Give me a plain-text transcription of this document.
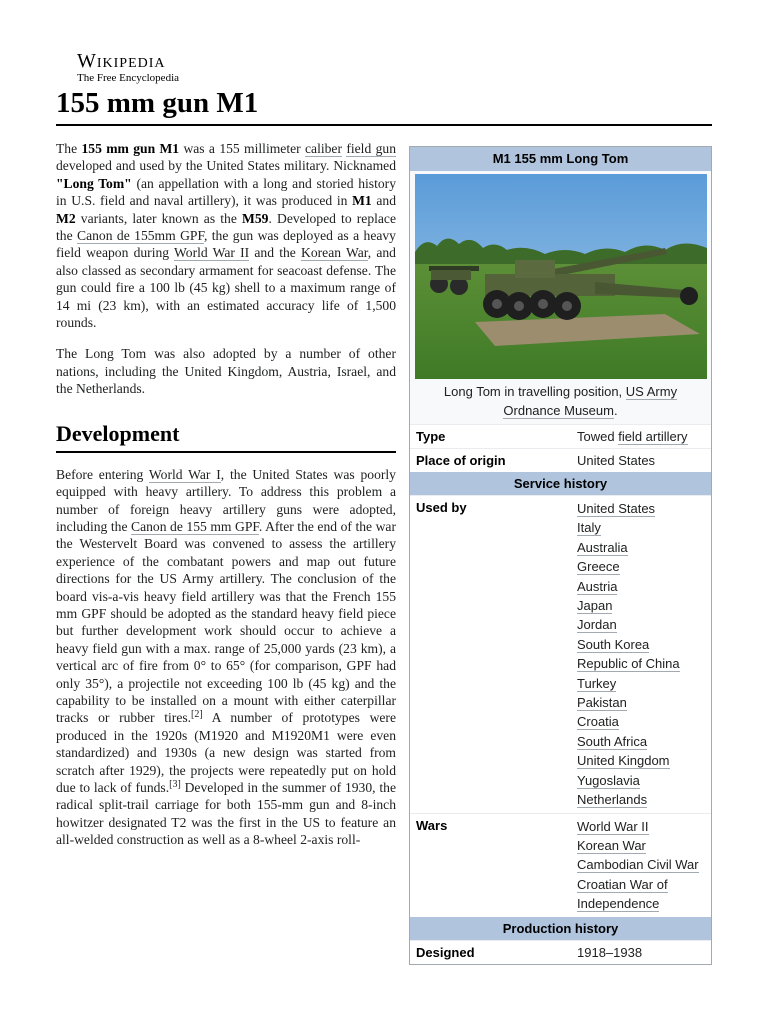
Wikipedia
The Free Encyclopedia
155 mm gun M1

The 155 mm gun M1 was a 155 millimeter caliber field gun developed and used by the United States military. Nicknamed "Long Tom" (an appellation with a long and storied history in U.S. field and naval artillery), it was produced in M1 and M2 variants, later known as the M59. Developed to replace the Canon de 155mm GPF, the gun was deployed as a heavy field weapon during World War II and the Korean War, and also classed as secondary armament for seacoast defense. The gun could fire a 100 lb (45 kg) shell to a maximum range of 14 mi (23 km), with an estimated accuracy life of 1,500 rounds.

The Long Tom was also adopted by a number of other nations, including the United Kingdom, Austria, Israel, and the Netherlands.

Development

Before entering World War I, the United States was poorly equipped with heavy artillery. To address this problem a number of foreign heavy artillery guns were adopted, including the Canon de 155 mm GPF. After the end of the war the Westervelt Board was convened to assess the artillery experience of the combatant powers and map out future directions for the US Army artillery. The conclusion of the board vis-a-vis heavy field artillery was that the French 155 mm GPF should be adopted as the standard heavy field piece but further development work should occur to achieve a heavy field gun with a max. range of 25,000 yards (23 km), a vertical arc of fire from 0° to 65° (for comparison, GPF had only 35°), a projectile not exceeding 100 lb (45 kg) and the capability to be installed on a mount with either caterpillar tracks or rubber tires.[2] A number of prototypes were produced in the 1920s (M1920 and M1920M1 were even standardized) and 1930s (a new design was started from scratch after 1929), the projects were repeatedly put on hold due to lack of funds.[3] Developed in the summer of 1930, the radical split-trail carriage for both 155-mm gun and 8-inch howitzer designated T2 was the first in the US to feature an all-welded construction as well as a 8-wheel 2-axis roll-

M1 155 mm Long Tom
Long Tom in travelling position, US Army Ordnance Museum.
Type	Towed field artillery
Place of origin	United States
Service history
Used by	United States
Italy
Australia
Greece
Austria
Japan
Jordan
South Korea
Republic of China
Turkey
Pakistan
Croatia
South Africa
United Kingdom
Yugoslavia
Netherlands
Wars	World War II
Korean War
Cambodian Civil War
Croatian War of Independence
Production history
Designed	1918–1938
